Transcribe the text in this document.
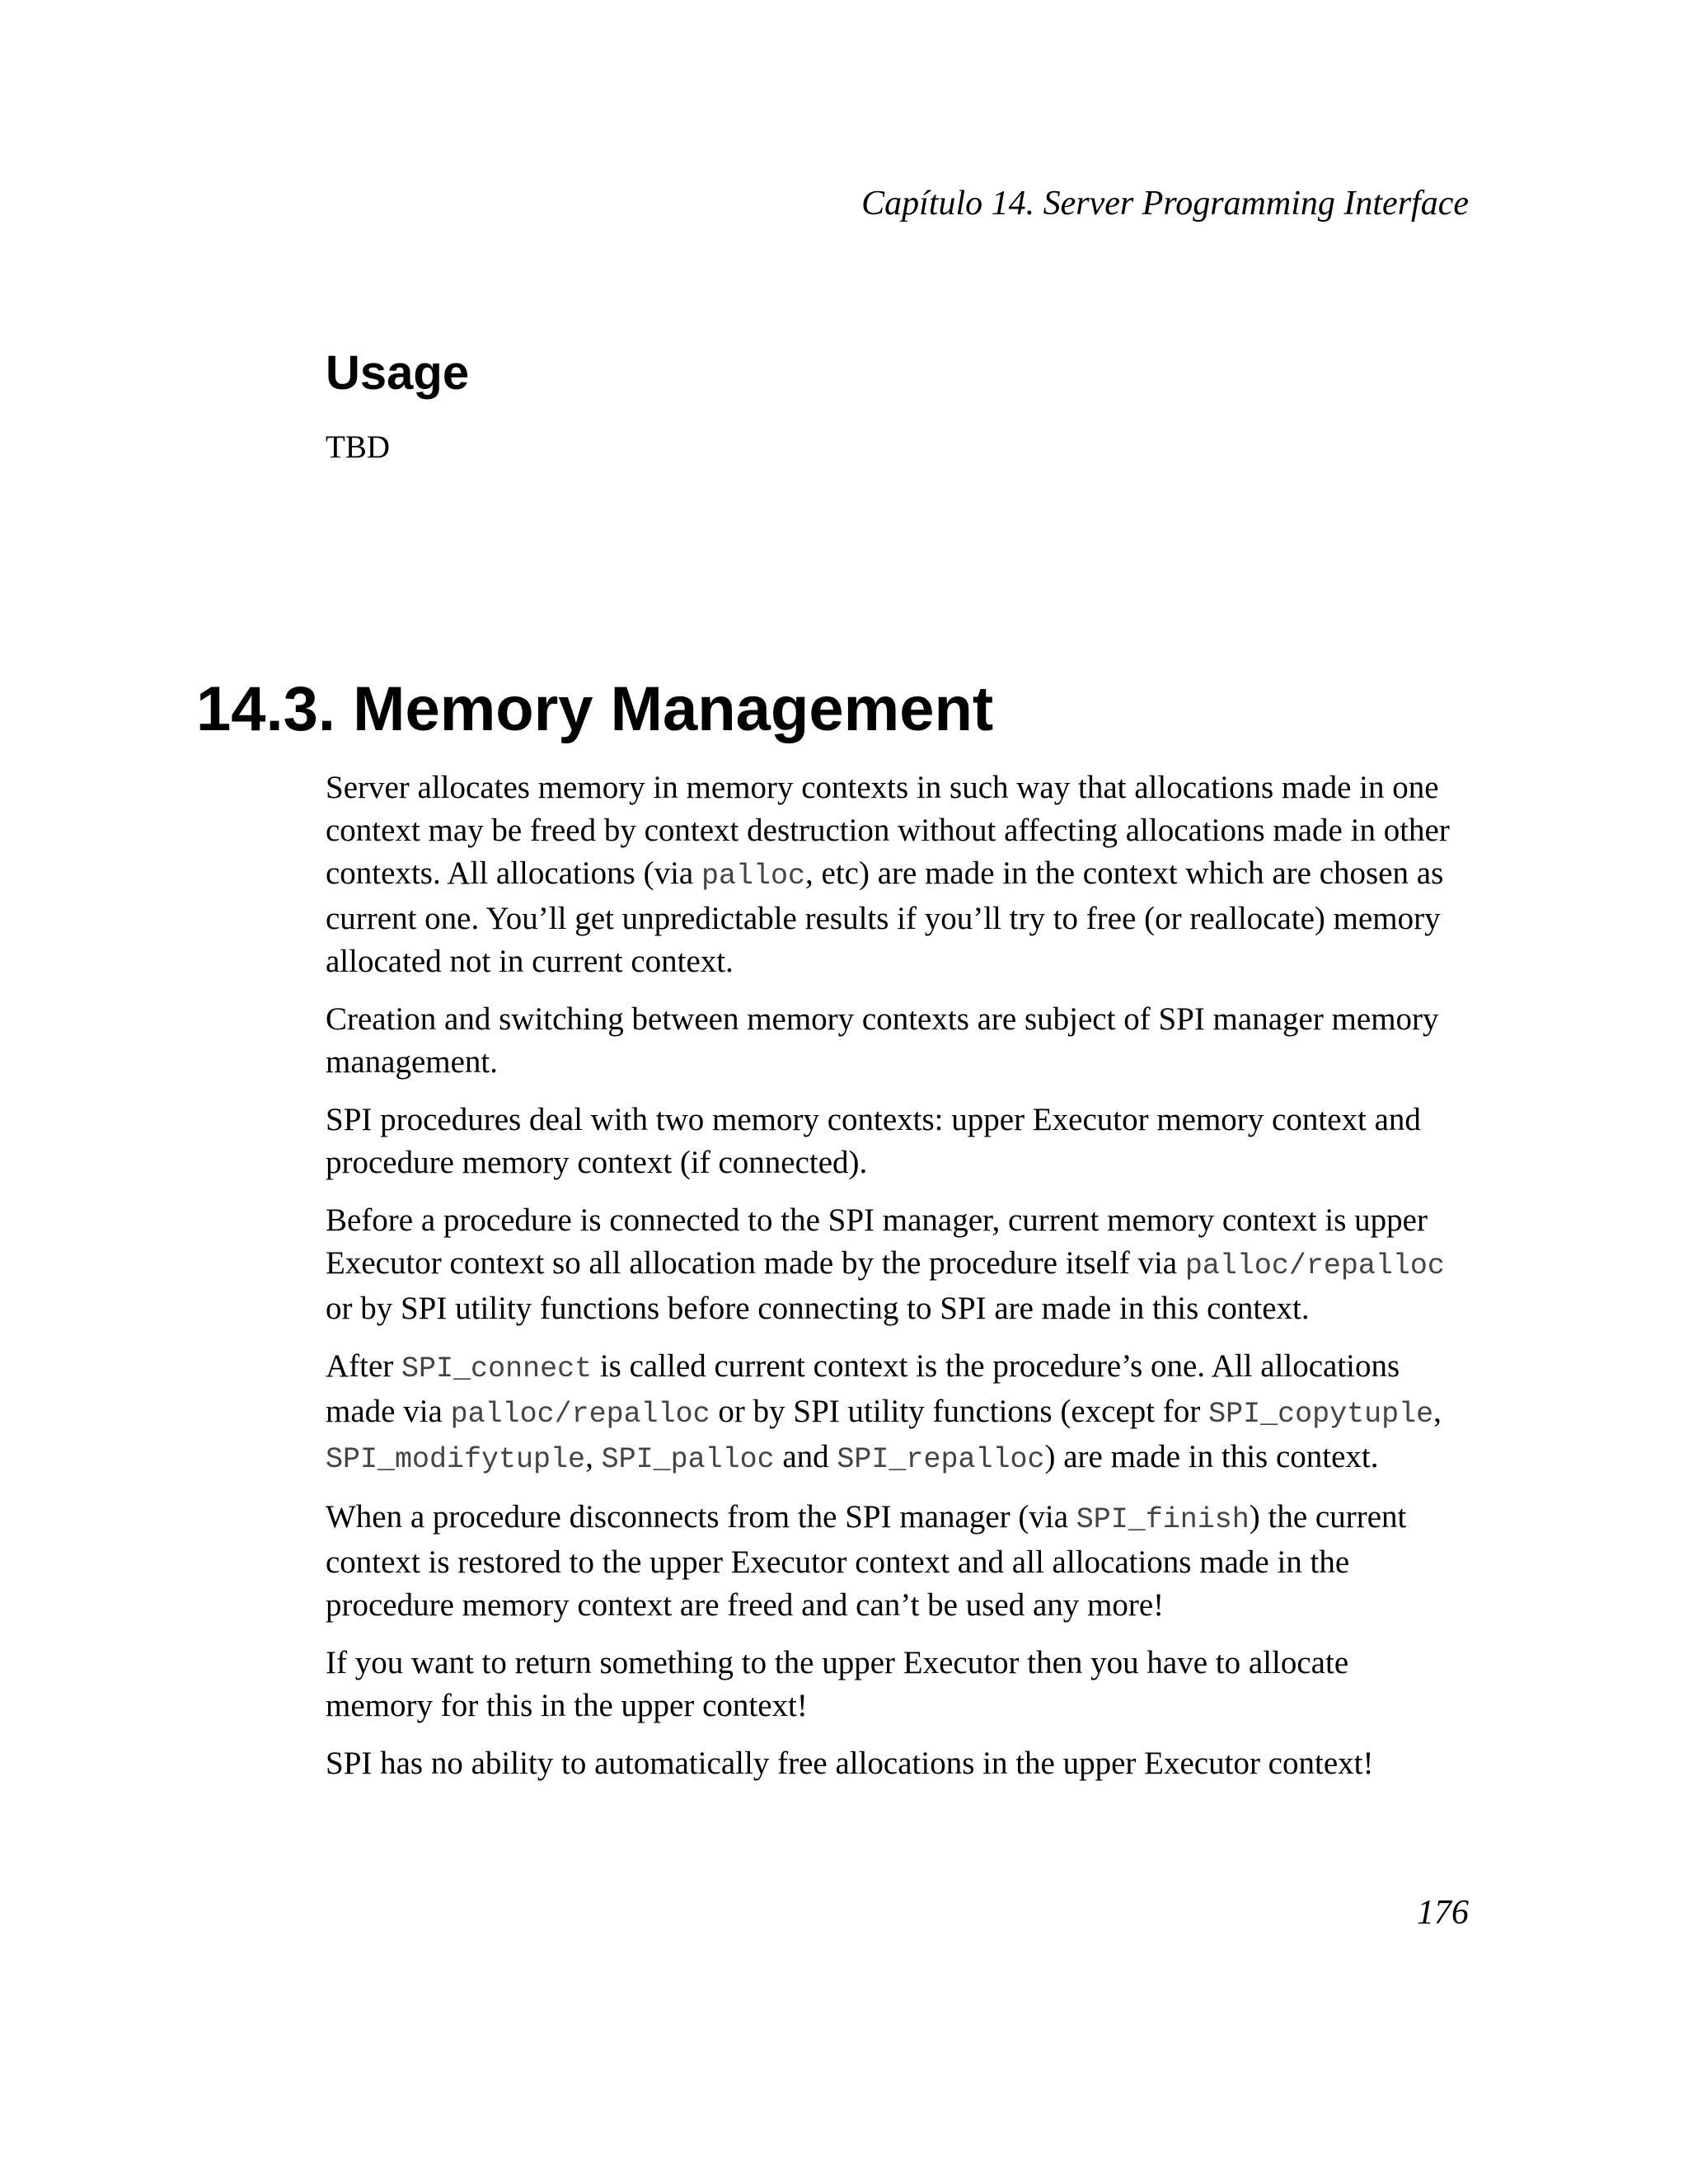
Capítulo 14. Server Programming Interface
Usage

TBD

14.3. Memory Management

Server allocates memory in memory contexts in such way that allocations made in one
context may be freed by context destruction without affecting allocations made in other
contexts. All allocations (via palloc, etc) are made in the context which are chosen as
current one. You’ll get unpredictable results if you’ll try to free (or reallocate) memory
allocated not in current context.

Creation and switching between memory contexts are subject of SPI manager memory
management.

SPI procedures deal with two memory contexts: upper Executor memory context and
procedure memory context (if connected).

Before a procedure is connected to the SPI manager, current memory context is upper
Executor context so all allocation made by the procedure itself via palloc/repalloc
or by SPI utility functions before connecting to SPI are made in this context.

After SPI_connect is called current context is the procedure’s one. All allocations
made via palloc/repalloc or by SPI utility functions (except for SPI_copytuple,
SPI_modifytuple, SPI_palloc and SPI_repalloc) are made in this context.

When a procedure disconnects from the SPI manager (via SPI_finish) the current
context is restored to the upper Executor context and all allocations made in the
procedure memory context are freed and can’t be used any more!

If you want to return something to the upper Executor then you have to allocate
memory for this in the upper context!

SPI has no ability to automatically free allocations in the upper Executor context!

176
